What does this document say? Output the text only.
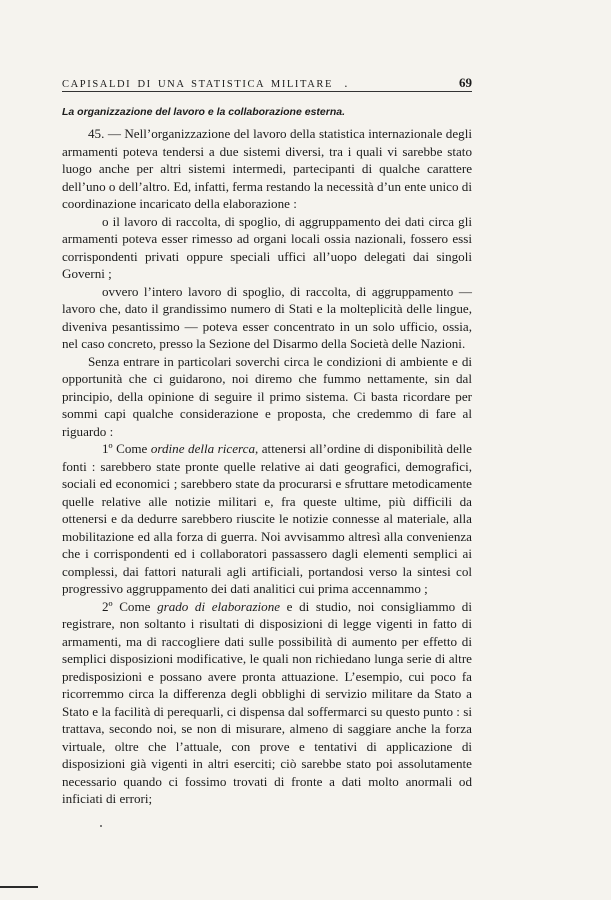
CAPISALDI DI UNA STATISTICA MILITARE .	69

La organizzazione del lavoro e la collaborazione esterna.

45. — Nell’organizzazione del lavoro della statistica internazionale degli armamenti poteva tendersi a due sistemi diversi, tra i quali vi sarebbe stato luogo anche per altri sistemi intermedi, partecipanti di qualche carattere dell’uno o dell’altro. Ed, infatti, ferma restando la necessità d’un ente unico di coordinazione incaricato della elaborazione :

o il lavoro di raccolta, di spoglio, di aggruppamento dei dati circa gli armamenti poteva esser rimesso ad organi locali ossia nazionali, fossero essi corrispondenti privati oppure speciali uffici all’uopo delegati dai singoli Governi ;

ovvero l’intero lavoro di spoglio, di raccolta, di aggruppamento — lavoro che, dato il grandissimo numero di Stati e la molteplicità delle lingue, diveniva pesantissimo — poteva esser concentrato in un solo ufficio, ossia, nel caso concreto, presso la Sezione del Disarmo della Società delle Nazioni.

Senza entrare in particolari soverchi circa le condizioni di ambiente e di opportunità che ci guidarono, noi diremo che fummo nettamente, sin dal principio, della opinione di seguire il primo sistema. Ci basta ricordare per sommi capi qualche considerazione e proposta, che credemmo di fare al riguardo :

1º Come ordine della ricerca, attenersi all’ordine di disponibilità delle fonti : sarebbero state pronte quelle relative ai dati geografici, demografici, sociali ed economici ; sarebbero state da procurarsi e sfruttare metodicamente quelle relative alle notizie militari e, fra queste ultime, più difficili da ottenersi e da dedurre sarebbero riuscite le notizie connesse al materiale, alla mobilitazione ed alla forza di guerra. Noi avvisammo altresì alla convenienza che i corrispondenti ed i collaboratori passassero dagli elementi semplici ai complessi, dai fattori naturali agli artificiali, portandosi verso la sintesi col progressivo aggruppamento dei dati analitici cui prima accennammo ;

2º Come grado di elaborazione e di studio, noi consigliammo di registrare, non soltanto i risultati di disposizioni di legge vigenti in fatto di armamenti, ma di raccogliere dati sulle possibilità di aumento per effetto di semplici disposizioni modificative, le quali non richiedano lunga serie di altre predisposizioni e possano avere pronta attuazione. L’esempio, cui poco fa ricorremmo circa la differenza degli obblighi di servizio militare da Stato a Stato e la facilità di perequarli, ci dispensa dal soffermarci su questo punto : si trattava, secondo noi, se non di misurare, almeno di saggiare anche la forza virtuale, oltre che l’attuale, con prove e tentativi di applicazione di disposizioni già vigenti in altri eserciti; ciò sarebbe stato poi assolutamente necessario quando ci fossimo trovati di fronte a dati molto anormali od inficiati di errori;
